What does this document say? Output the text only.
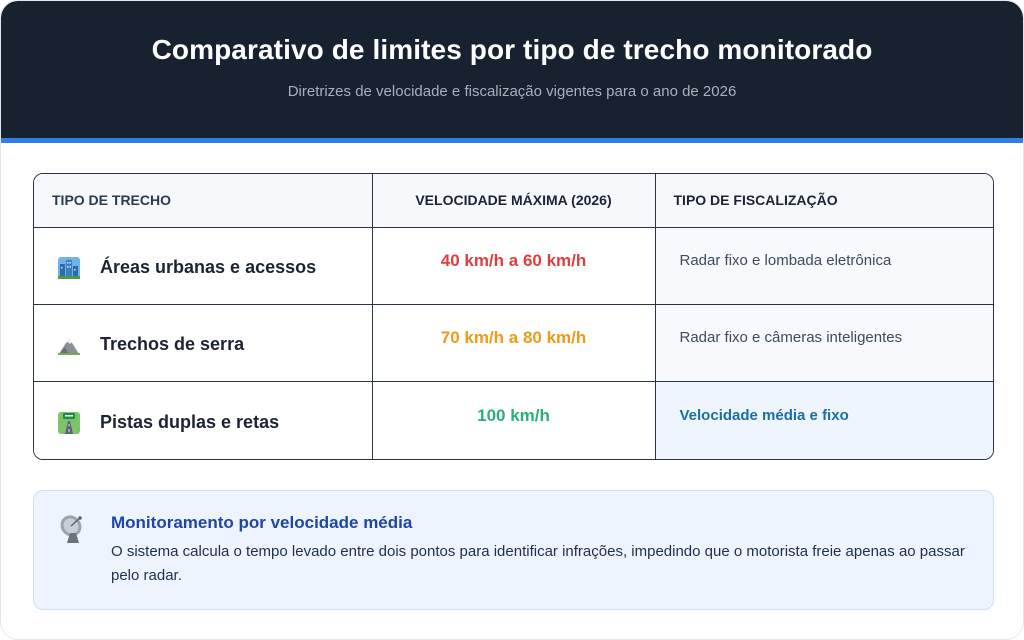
Comparativo de limites por tipo de trecho monitorado

Diretrizes de velocidade e fiscalização vigentes para o ano de 2026

TIPO DE TRECHO	VELOCIDADE MÁXIMA (2026)	TIPO DE FISCALIZAÇÃO

Áreas urbanas e acessos	40 km/h a 60 km/h	Radar fixo e lombada eletrônica

Trechos de serra	70 km/h a 80 km/h	Radar fixo e câmeras inteligentes

Pistas duplas e retas	100 km/h	Velocidade média e fixo
Monitoramento por velocidade média
O sistema calcula o tempo levado entre dois pontos para identificar infrações, impedindo que o motorista freie apenas ao passar pelo radar.
